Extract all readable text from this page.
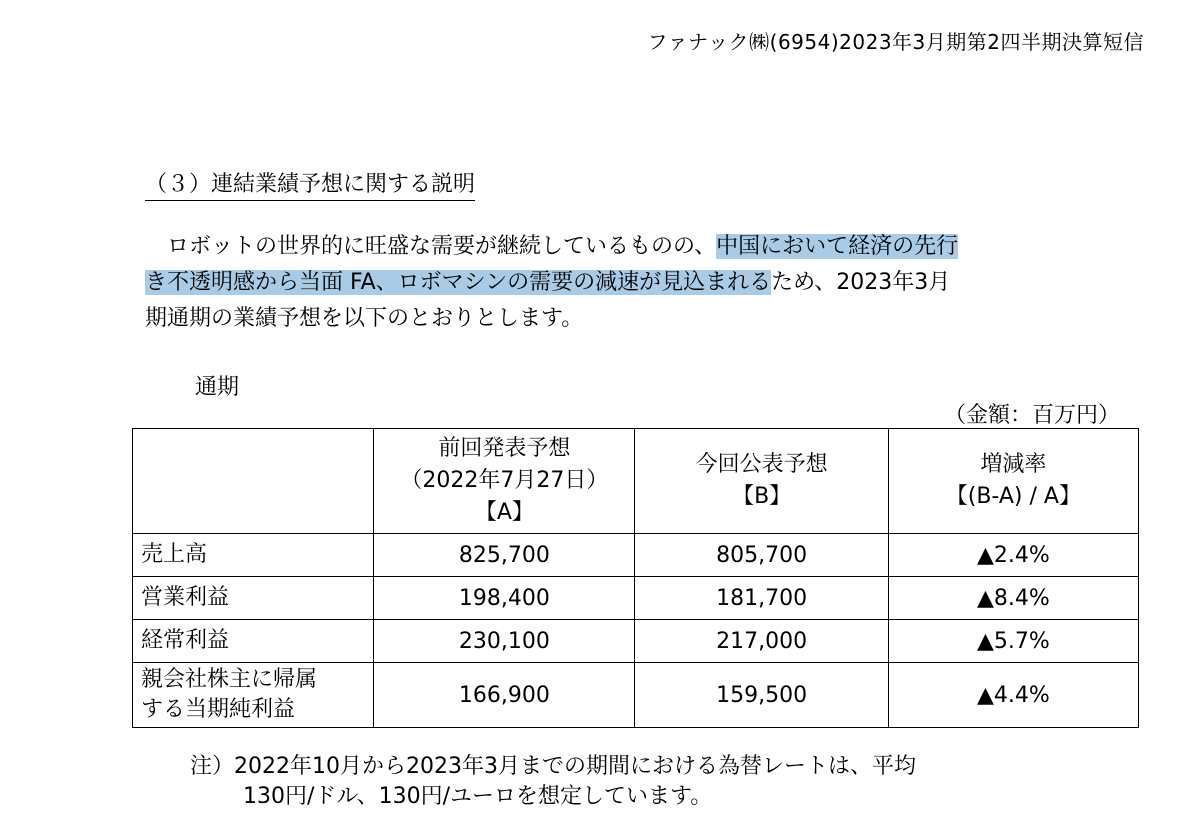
ファナック㈱(6954)2023年3月期第2四半期決算短信
（３）連結業績予想に関する説明
　ロボットの世界的に旺盛な需要が継続しているものの、中国において経済の先行
き不透明感から当面 FA、ロボマシンの需要の減速が見込まれるため、2023年3月
期通期の業績予想を以下のとおりとします。
通期
（金額：百万円）

	前回発表予想
（2022年7月27日）
【A】	今回公表予想
【B】	増減率
【(B-A) / A】

売上高	825,700	805,700	▲2.4%
営業利益	198,400	181,700	▲8.4%
経常利益	230,100	217,000	▲5.7%

親会社株主に帰属
する当期純利益	166,900	159,500	▲4.4%
注）2022年10月から2023年3月までの期間における為替レートは、平均
130円/ドル、130円/ユーロを想定しています。
